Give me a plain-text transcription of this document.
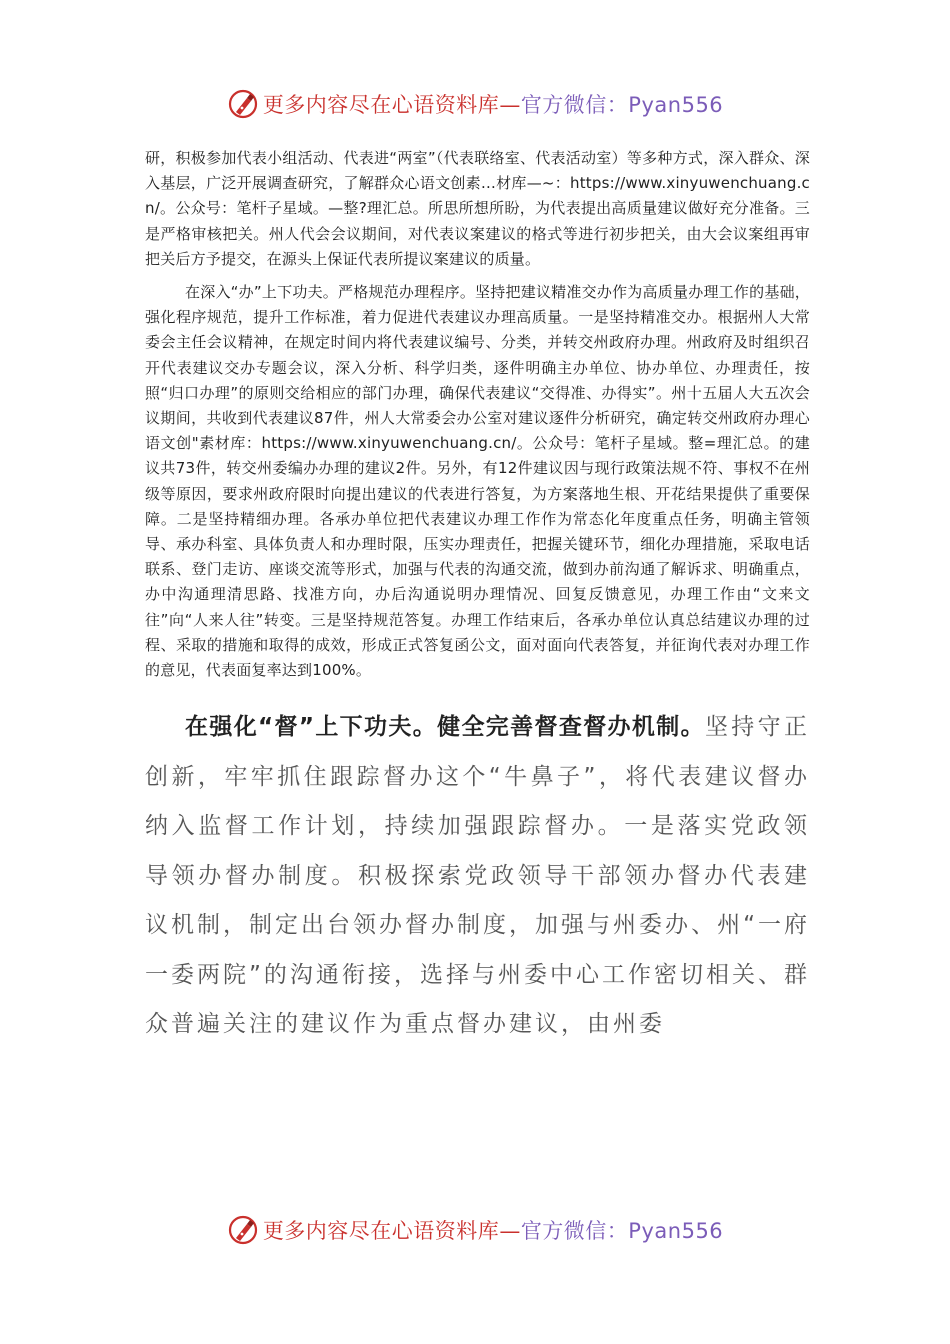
更多内容尽在心语资料库—官方微信：Pyan556

研，积极参加代表小组活动、代表进“两室”（代表联络室、代表活动室）等多种方式，深入群众、深入基层，广泛开展调查研究，了解群众心语文创素…材库—~：https://www.xinyuwenchuang.cn/。公众号：笔杆子星域。—整?理汇总。所思所想所盼，为代表提出高质量建议做好充分准备。三是严格审核把关。州人代会会议期间，对代表议案建议的格式等进行初步把关，由大会议案组再审把关后方予提交，在源头上保证代表所提议案建议的质量。

在深入“办”上下功夫。严格规范办理程序。坚持把建议精准交办作为高质量办理工作的基础，强化程序规范，提升工作标准，着力促进代表建议办理高质量。一是坚持精准交办。根据州人大常委会主任会议精神，在规定时间内将代表建议编号、分类，并转交州政府办理。州政府及时组织召开代表建议交办专题会议，深入分析、科学归类，逐件明确主办单位、协办单位、办理责任，按照“归口办理”的原则交给相应的部门办理，确保代表建议“交得准、办得实”。州十五届人大五次会议期间，共收到代表建议87件，州人大常委会办公室对建议逐件分析研究，确定转交州政府办理心语文创"素材库：https://www.xinyuwenchuang.cn/。公众号：笔杆子星域。整=理汇总。的建议共73件，转交州委编办办理的建议2件。另外，有12件建议因与现行政策法规不符、事权不在州级等原因，要求州政府限时向提出建议的代表进行答复，为方案落地生根、开花结果提供了重要保障。二是坚持精细办理。各承办单位把代表建议办理工作作为常态化年度重点任务，明确主管领导、承办科室、具体负责人和办理时限，压实办理责任，把握关键环节，细化办理措施，采取电话联系、登门走访、座谈交流等形式，加强与代表的沟通交流，做到办前沟通了解诉求、明确重点，办中沟通理清思路、找准方向，办后沟通说明办理情况、回复反馈意见，办理工作由“文来文往”向“人来人往”转变。三是坚持规范答复。办理工作结束后，各承办单位认真总结建议办理的过程、采取的措施和取得的成效，形成正式答复函公文，面对面向代表答复，并征询代表对办理工作的意见，代表面复率达到100%。

在强化“督”上下功夫。健全完善督查督办机制。坚持守正创新，牢牢抓住跟踪督办这个“牛鼻子”，将代表建议督办纳入监督工作计划，持续加强跟踪督办。一是落实党政领导领办督办制度。积极探索党政领导干部领办督办代表建议机制，制定出台领办督办制度，加强与州委办、州“一府一委两院”的沟通衔接，选择与州委中心工作密切相关、群众普遍关注的建议作为重点督办建议，由州委

更多内容尽在心语资料库—官方微信：Pyan556
